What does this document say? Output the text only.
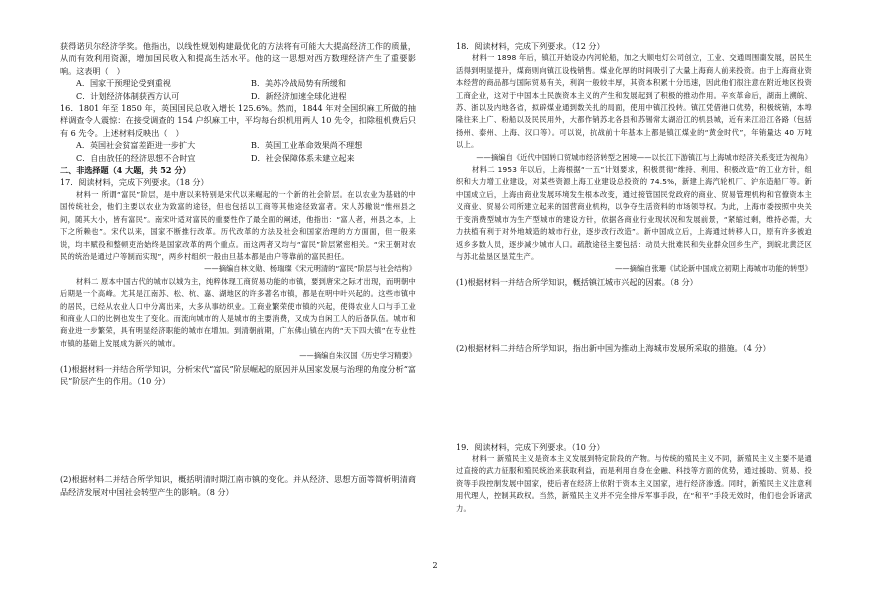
获得诺贝尔经济学奖。他指出，以线性规划构建最优化的方法将有可能大大提高经济工作的质量，从而有效利用资源，增加国民收入和提高生活水平。他的这一思想对西方数理经济产生了重要影响。这表明（　）

A．国家干预理论受到重视	B．美苏冷战局势有所缓和
C．计划经济体制获西方认可	D．新经济加速全球化进程

16．1801 年至 1850 年，英国国民总收入增长 125.6%。然而，1844 年对全国织麻工所做的抽样调查令人震惊：在接受调查的 154 户织麻工中，平均每台织机用两人 10 先令，扣除租机费后只有 6 先令。上述材料反映出（　）

A．英国社会贫富差距进一步扩大	B．英国工业革命效果尚不理想
C．自由放任的经济思想不合时宜	D．社会保障体系未建立起来

二、非选择题（4 大题，共 52 分）

17．阅读材料，完成下列要求。（18 分）

材料一 所谓“富民”阶层，是中唐以来特别是宋代以来崛起的一个新的社会阶层。在以农业为基础的中国传统社会，他们主要以农业为致富的途径，但也包括以工商等其他途径致富者。宋人苏辙说“惟州县之间，随其大小，皆有富民”。南宋叶适对富民的重要性作了最全面的阐述，他指出：“富人者，州县之本，上下之所赖也”。宋代以来，国家不断推行改革。历代改革的方法及社会和国家治理的方方面面，但一般来说，均丰赋役和整顿吏治始终是国家改革的两个重点。而这两者又均与“富民”阶层紧密相关。“宋王朝对农民的统治是通过户等制而实现”，两乡村组织一般由旦基本都是由户等靠前的富民担任。

——摘编自林文勋、杨瑞璨《宋元明清的“富民”阶层与社会结构》

材料二 原本中国古代的城市以城为主，纯粹体现工商贸易功能的市镇，要到唐宋之际才出现，而明朝中后期是一个高峰。尤其是江南苏、松、杭、嘉、湖地区的许多著名市镇，都是在明中叶兴起的。这些市镇中的居民，已经从农业人口中分离出来，大多从事纺织业。工商业繁荣使市镇的兴起，使得农业人口与手工业和商业人口的比例也发生了变化。而流向城市的人是城市的主要消费，又成为自闲工人的后备队伍。城市和商业进一步繁荣，具有明显经济职能的城市在增加。到清朝前期，广东佛山镇在内的“天下四大镇”在专业性市镇的基础上发展成为新兴的城市。

——摘编自朱汉国《历史学习精要》

(1)根据材料一并结合所学知识，分析宋代“富民”阶层崛起的原因并从国家发展与治理的角度分析“富民”阶层产生的作用。（10 分）

(2)根据材料二并结合所学知识，概括明清时期江南市镇的变化。并从经济、思想方面等简析明清商品经济发展对中国社会转型产生的影响。（8 分）

18．阅读材料，完成下列要求。（12 分）

材料一 1898 年后，镇江开始设办内河轮船，加之大顺电灯公司创立，工业、交通周围棗发展，居民生活得到明显提升，煤商则向镇江设栈销售。煤业化厚的时间吸引了大量上海商人前来投资。由于上海商业资本经营的商品都与国际贸易有关，利润一般较丰厚，其资本积累十分迅速，因此他们很注意在附近地区投资工商企业，这对于中国本土民族资本主义的产生和发展起到了积极的推动作用。辛亥革命后，湖南上溯皖、苏、浙以及内地各省，拟辟煤业通到数关扎的局面，使用中镇江投转。镇江凭借港口优势，积极统销，本埠隆往来上广、粉船以及民民用外，大都作销苏北各县和苏锡常太湖沿江的机县城，近有来江沿江各路（包括扬州、泰州、上海、汉口等）。可以说，抗战前十年基本上都是镇江煤业的“黄金时代”，年销量达 40 万吨以上。

——摘编自《近代中国转口贸城市经济转型之困境——以长江下游镇江与上海城市经济关系变迁为视角》

材料二 1953 年以后，上海根据“一五”计划要求，积极贯彻“维持、利用、积极改造”的工业方针，组织和大力增工业建设，对某些资源上海工业建设总投资的 74.5%，新建上海汽轮机厂、沪东造船厂等。新中国成立后，上海由商业发展环境发生根本改变，通过接管国民党政府的商业、贸易管理机构和官僚资本主义商业、贸易公司所建立起来的国营商业机构，以争夺生活资料的市场领导权。为此，上海市委按照中央关于变消费型城市为生产型城市的建设方针，依据各商业行业现状况和发展前景，“紧缩过剩，维持必需，大力扶植有利于对外地城造的城市行业，逐步改行改造”。新中国成立后，上海通过转移人口，原有许多被迫返乡多数人员，逐步减少城市人口。疏散途径主要包括：动员大批难民和失业群众回乡生产，到皖北黄泛区与苏北盐垦区垦荒生产。

——摘编自张珊《试论新中国成立初期上海城市功能的转型》

(1)根据材料一并结合所学知识，概括镇江城市兴起的因素。（8 分）

(2)根据材料二并结合所学知识，指出新中国为推动上海城市发展所采取的措施。（4 分）

19．阅读材料，完成下列要求。（10 分）

材料一 新殖民主义是资本主义发展到特定阶段的产物。与传统的殖民主义不同，新殖民主义主要不是通过直接的武力征服和殖民统治来获取利益，而是利用自身在金融、科技等方面的优势，通过援助、贸易、投资等手段控制发展中国家，使后者在经济上依附于资本主义国家，进行经济渗透。同时，新殖民主义注意利用代理人，控制其政权。当然，新殖民主义并不完全排斥军事手段，在“和平”手段无效时，他们也会诉诸武力。

2
